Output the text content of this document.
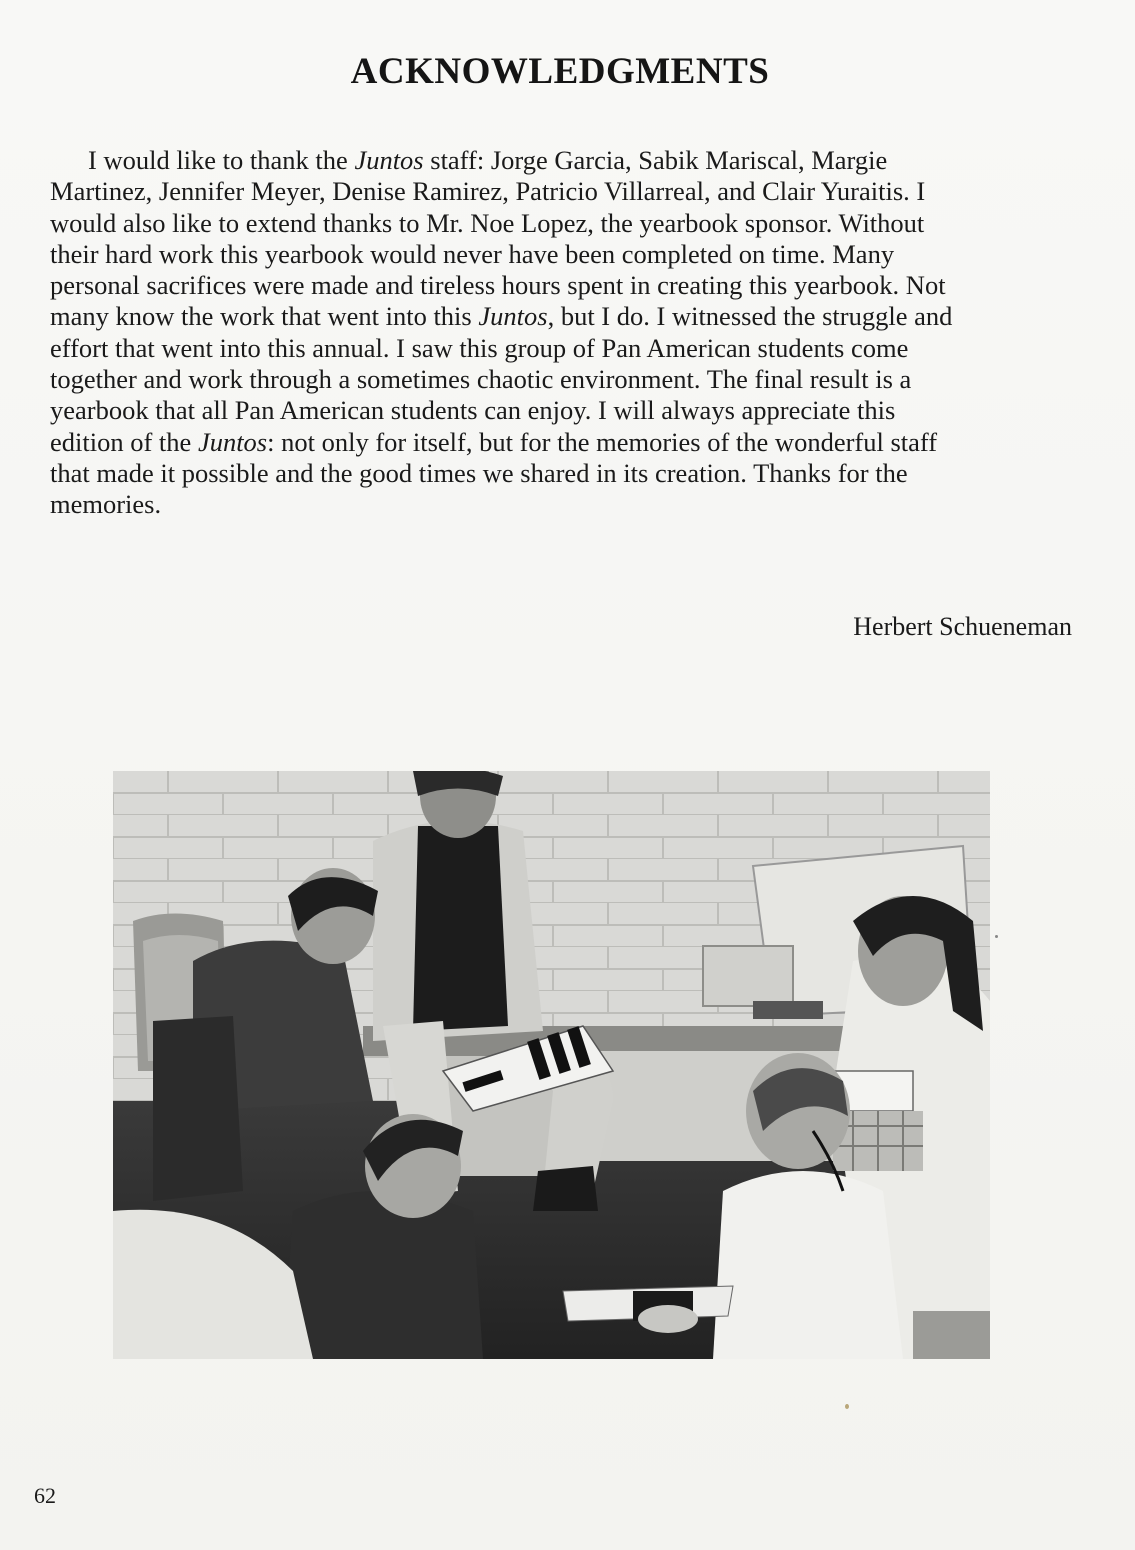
ACKNOWLEDGMENTS

I would like to thank the Juntos staff: Jorge Garcia, Sabik Mariscal, Margie
Martinez, Jennifer Meyer, Denise Ramirez, Patricio Villarreal, and Clair Yuraitis. I
would also like to extend thanks to Mr. Noe Lopez, the yearbook sponsor. Without
their hard work this yearbook would never have been completed on time. Many
personal sacrifices were made and tireless hours spent in creating this yearbook. Not
many know the work that went into this Juntos, but I do. I witnessed the struggle and
effort that went into this annual. I saw this group of Pan American students come
together and work through a sometimes chaotic environment. The final result is a
yearbook that all Pan American students can enjoy. I will always appreciate this
edition of the Juntos: not only for itself, but for the memories of the wonderful staff
that made it possible and the good times we shared in its creation. Thanks for the
memories.

Herbert Schueneman
62
